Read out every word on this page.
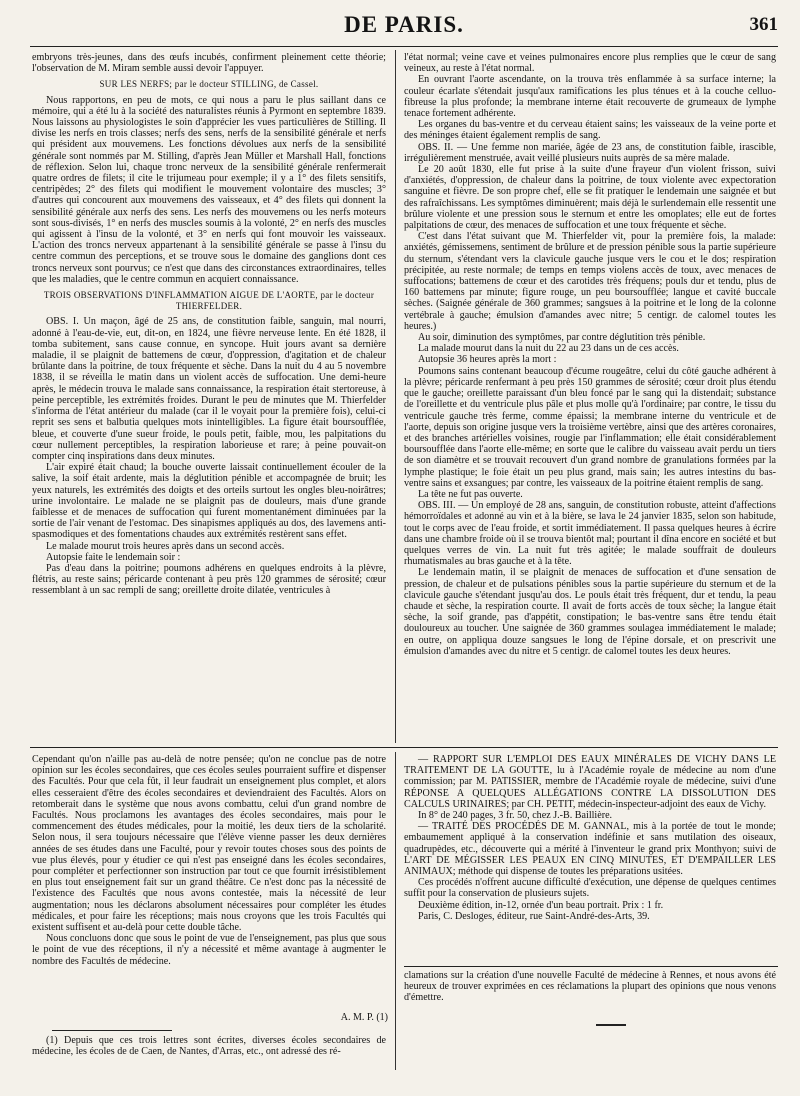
DE PARIS.	361

embryons très-jeunes, dans des œufs incubés, confirment pleinement cette théorie; l'observation de M. Miram semble aussi devoir l'appuyer.

SUR LES NERFS; par le docteur STILLING, de Cassel.

Nous rapportons, en peu de mots, ce qui nous a paru le plus saillant dans ce mémoire, qui a été lu à la société des naturalistes réunis à Pyrmont en septembre 1839. Nous laissons au physiologistes le soin d'apprécier les vues particulières de Stilling. Il divise les nerfs en trois classes; nerfs des sens, nerfs de la sensibilité générale et nerfs qui président aux mouvemens. Les fonctions dévolues aux nerfs de la sensibilité générale sont nommés par M. Stilling, d'après Jean Müller et Marshall Hall, fonctions de réflexion. Selon lui, chaque tronc nerveux de la sensibilité générale renfermerait quatre ordres de filets; il cite le trijumeau pour exemple; il y a 1° des filets sensitifs, centripèdes; 2° des filets qui modifient le mouvement volontaire des muscles; 3° d'autres qui concourent aux mouvemens des vaisseaux, et 4° des filets qui donnent la sensibilité générale aux nerfs des sens. Les nerfs des mouvemens ou les nerfs moteurs sont sous-divisés, 1° en nerfs des muscles soumis à la volonté, 2° en nerfs des muscles qui agissent à l'insu de la volonté, et 3° en nerfs qui font mouvoir les vaisseaux. L'action des troncs nerveux appartenant à la sensibilité générale se passe à l'insu du centre commun des perceptions, et se trouve sous le domaine des ganglions dont ces troncs nerveux sont pourvus; ce n'est que dans des circonstances extraordinaires, telles que les maladies, que le centre commun en acquiert connaissance.

TROIS OBSERVATIONS D'INFLAMMATION AIGUE DE L'AORTE, par le docteur THIERFELDER.

OBS. I. Un maçon, âgé de 25 ans, de constitution faible, sanguin, mal nourri, adonné à l'eau-de-vie, eut, dit-on, en 1824, une fièvre nerveuse lente. En été 1828, il tomba subitement, sans cause connue, en syncope. Huit jours avant sa dernière maladie, il se plaignit de battemens de cœur, d'oppression, d'agitation et de chaleur brûlante dans la poitrine, de toux fréquente et sèche. Dans la nuit du 4 au 5 novembre 1838, il se réveilla le matin dans un violent accès de suffocation. Une demi-heure après, le médecin trouva le malade sans connaissance, la respiration était stertoreuse, à peine perceptible, les extrémités froides. Durant le peu de minutes que M. Thierfelder s'informa de l'état antérieur du malade (car il le voyait pour la première fois), celui-ci reprit ses sens et balbutia quelques mots inintelligibles. La figure était boursoufflée, bleue, et couverte d'une sueur froide, le pouls petit, faible, mou, les palpitations du cœur nullement perceptibles, la respiration laborieuse et rare; à peine pouvait-on compter cinq inspirations dans deux minutes.

L'air expiré était chaud; la bouche ouverte laissait continuellement écouler de la salive, la soif était ardente, mais la déglutition pénible et accompagnée de bruit; les yeux naturels, les extrémités des doigts et des orteils surtout les ongles bleu-noirâtres; urine involontaire. Le malade ne se plaignit pas de douleurs, mais d'une grande faiblesse et de menaces de suffocation qui furent momentanément diminuées par la sortie de l'air venant de l'estomac. Des sinapismes appliqués au dos, des lavemens anti-spasmodiques et des fomentations chaudes aux extrémités restèrent sans effet.

Le malade mourut trois heures après dans un second accès.

Autopsie faite le lendemain soir :

Pas d'eau dans la poitrine; poumons adhérens en quelques endroits à la plèvre, flétris, au reste sains; péricarde contenant à peu près 120 grammes de sérosité; cœur ressemblant à un sac rempli de sang; oreillette droite dilatée, ventricules à

l'état normal; veine cave et veines pulmonaires encore plus remplies que le cœur de sang veineux, au reste à l'état normal.

En ouvrant l'aorte ascendante, on la trouva très enflammée à sa surface interne; la couleur écarlate s'étendait jusqu'aux ramifications les plus ténues et à la couche celluo-fibreuse la plus profonde; la membrane interne était recouverte de grumeaux de lymphe tenace fortement adhérente.

Les organes du bas-ventre et du cerveau étaient sains; les vaisseaux de la veine porte et des méninges étaient également remplis de sang.

OBS. II. — Une femme non mariée, âgée de 23 ans, de constitution faible, irascible, irrégulièrement menstruée, avait veillé plusieurs nuits auprès de sa mère malade.

Le 20 août 1830, elle fut prise à la suite d'une frayeur d'un violent frisson, suivi d'anxiétés, d'oppression, de chaleur dans la poitrine, de toux violente avec expectoration sanguine et fièvre. De son propre chef, elle se fit pratiquer le lendemain une saignée et but des rafraîchissans. Les symptômes diminuèrent; mais déjà le surlendemain elle ressentit une brûlure violente et une pression sous le sternum et entre les omoplates; elle eut de fortes palpitations de cœur, des menaces de suffocation et une toux fréquente et sèche.

C'est dans l'état suivant que M. Thierfelder vit, pour la première fois, la malade: anxiétés, gémissemens, sentiment de brûlure et de pression pénible sous la partie supérieure du sternum, s'étendant vers la clavicule gauche jusque vers le cou et le dos; respiration précipitée, au reste normale; de temps en temps violens accès de toux, avec menaces de suffocations; battemens de cœur et des carotides très fréquens; pouls dur et tendu, plus de 160 battemens par minute; figure rouge, un peu boursoufflée; langue et cavité buccale sèches. (Saignée générale de 360 grammes; sangsues à la poitrine et le long de la colonne vertébrale à gauche; émulsion d'amandes avec nitre; 5 centigr. de calomel toutes les heures.)

Au soir, diminution des symptômes, par contre déglutition très pénible.

La malade mourut dans la nuit du 22 au 23 dans un de ces accès.

Autopsie 36 heures après la mort :

Poumons sains contenant beaucoup d'écume rougeâtre, celui du côté gauche adhérent à la plèvre; péricarde renfermant à peu près 150 grammes de sérosité; cœur droit plus étendu que le gauche; oreillette paraissant d'un bleu foncé par le sang qui la distendait; substance de l'oreillette et du ventricule plus pâle et plus molle qu'à l'ordinaire; par contre, le tissu du ventricule gauche très ferme, comme épaissi; la membrane interne du ventricule et de l'aorte, depuis son origine jusque vers la troisième vertèbre, ainsi que des artères coronaires, et des branches artérielles voisines, rougie par l'inflammation; elle était considérablement boursoufflée dans l'aorte elle-même; en sorte que le calibre du vaisseau avait perdu un tiers de son diamètre et se trouvait recouvert d'un grand nombre de granulations formées par la lymphe plastique; le foie était un peu plus grand, mais sain; les autres intestins du bas-ventre sains et exsangues; par contre, les vaisseaux de la poitrine étaient remplis de sang.

La tête ne fut pas ouverte.

OBS. III. — Un employé de 28 ans, sanguin, de constitution robuste, atteint d'affections hémorroïdales et adonné au vin et à la bière, se lava le 24 janvier 1835, selon son habitude, tout le corps avec de l'eau froide, et sortit immédiatement. Il passa quelques heures à écrire dans une chambre froide où il se trouva bientôt mal; pourtant il dîna encore en société et but quelques verres de vin. La nuit fut très agitée; le malade souffrait de douleurs rhumatismales au bras gauche et à la tête.

Le lendemain matin, il se plaignit de menaces de suffocation et d'une sensation de pression, de chaleur et de pulsations pénibles sous la partie supérieure du sternum et de la clavicule gauche s'étendant jusqu'au dos. Le pouls était très fréquent, dur et tendu, la peau chaude et sèche, la respiration courte. Il avait de forts accès de toux sèche; la langue était sèche, la soif grande, pas d'appétit, constipation; le bas-ventre sans être tendu était douloureux au toucher. Une saignée de 360 grammes soulagea immédiatement le malade; en outre, on appliqua douze sangsues le long de l'épine dorsale, et on prescrivit une émulsion d'amandes avec du nitre et 5 centigr. de calomel toutes les deux heures.

Cependant qu'on n'aille pas au-delà de notre pensée; qu'on ne conclue pas de notre opinion sur les écoles secondaires, que ces écoles seules pourraient suffire et dispenser des Facultés. Pour que cela fût, il leur faudrait un enseignement plus complet, et alors elles cesseraient d'être des écoles secondaires et deviendraient des Facultés. Alors on retomberait dans le système que nous avons combattu, celui d'un grand nombre de Facultés. Nous proclamons les avantages des écoles secondaires, mais pour le commencement des études médicales, pour la moitié, les deux tiers de la scholarité. Selon nous, il sera toujours nécessaire que l'élève vienne passer les deux dernières années de ses études dans une Faculté, pour y revoir toutes choses sous des points de vue plus élevés, pour y étudier ce qui n'est pas enseigné dans les écoles secondaires, pour compléter et perfectionner son instruction par tout ce que fournit irrésistiblement en plus tout enseignement fait sur un grand théâtre. Ce n'est donc pas la nécessité de l'existence des Facultés que nous avons contestée, mais la nécessité de leur augmentation; nous les déclarons absolument nécessaires pour compléter les études médicales, et pour faire les réceptions; mais nous croyons que les trois Facultés qui existent suffisent et au-delà pour cette double tâche.

Nous concluons donc que sous le point de vue de l'enseignement, pas plus que sous le point de vue des réceptions, il n'y a nécessité et même avantage à augmenter le nombre des Facultés de médecine.

A. M. P. (1)

(1) Depuis que ces trois lettres sont écrites, diverses écoles secondaires de médecine, les écoles de de Caen, de Nantes, d'Arras, etc., ont adressé des ré-

— RAPPORT SUR L'EMPLOI DES EAUX MINÉRALES DE VICHY DANS LE TRAITEMENT DE LA GOUTTE, lu à l'Académie royale de médecine au nom d'une commission; par M. PATISSIER, membre de l'Académie royale de médecine, suivi d'une RÉPONSE A QUELQUES ALLÉGATIONS CONTRE LA DISSOLUTION DES CALCULS URINAIRES; par CH. PETIT, médecin-inspecteur-adjoint des eaux de Vichy.

In 8° de 240 pages, 3 fr. 50, chez J.-B. Baillière.

— TRAITÉ DES PROCÉDÉS DE M. GANNAL, mis à la portée de tout le monde; embaumement appliqué à la conservation indéfinie et sans mutilation des oiseaux, quadrupèdes, etc., découverte qui a mérité à l'inventeur le grand prix Monthyon; suivi de L'ART DE MÉGISSER LES PEAUX EN CINQ MINUTES, ET D'EMPAILLER LES ANIMAUX; méthode qui dispense de toutes les préparations usitées.

Ces procédés n'offrent aucune difficulté d'exécution, une dépense de quelques centimes suffit pour la conservation de plusieurs sujets.

Deuxième édition, in-12, ornée d'un beau portrait. Prix : 1 fr.

Paris, C. Desloges, éditeur, rue Saint-André-des-Arts, 39.

clamations sur la création d'une nouvelle Faculté de médecine à Rennes, et nous avons été heureux de trouver exprimées en ces réclamations la plupart des opinions que nous venons d'émettre.
